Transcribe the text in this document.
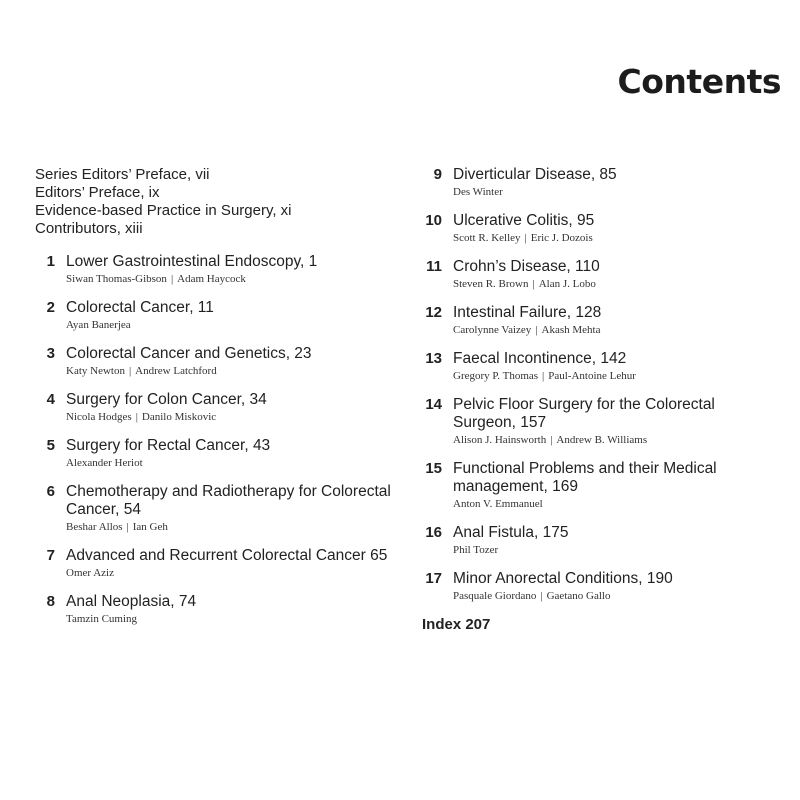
Contents
Series Editors’ Preface, vii
Editors’ Preface, ix
Evidence-based Practice in Surgery, xi
Contributors, xiii
1 Lower Gastrointestinal Endoscopy, 1
Siwan Thomas-Gibson | Adam Haycock
2 Colorectal Cancer, 11
Ayan Banerjea
3 Colorectal Cancer and Genetics, 23
Katy Newton | Andrew Latchford
4 Surgery for Colon Cancer, 34
Nicola Hodges | Danilo Miskovic
5 Surgery for Rectal Cancer, 43
Alexander Heriot
6 Chemotherapy and Radiotherapy for Colorectal Cancer, 54
Beshar Allos | Ian Geh
7 Advanced and Recurrent Colorectal Cancer 65
Omer Aziz
8 Anal Neoplasia, 74
Tamzin Cuming
9 Diverticular Disease, 85
Des Winter
10 Ulcerative Colitis, 95
Scott R. Kelley | Eric J. Dozois
11 Crohn’s Disease, 110
Steven R. Brown | Alan J. Lobo
12 Intestinal Failure, 128
Carolynne Vaizey | Akash Mehta
13 Faecal Incontinence, 142
Gregory P. Thomas | Paul-Antoine Lehur
14 Pelvic Floor Surgery for the Colorectal Surgeon, 157
Alison J. Hainsworth | Andrew B. Williams
15 Functional Problems and their Medical management, 169
Anton V. Emmanuel
16 Anal Fistula, 175
Phil Tozer
17 Minor Anorectal Conditions, 190
Pasquale Giordano | Gaetano Gallo
Index 207
